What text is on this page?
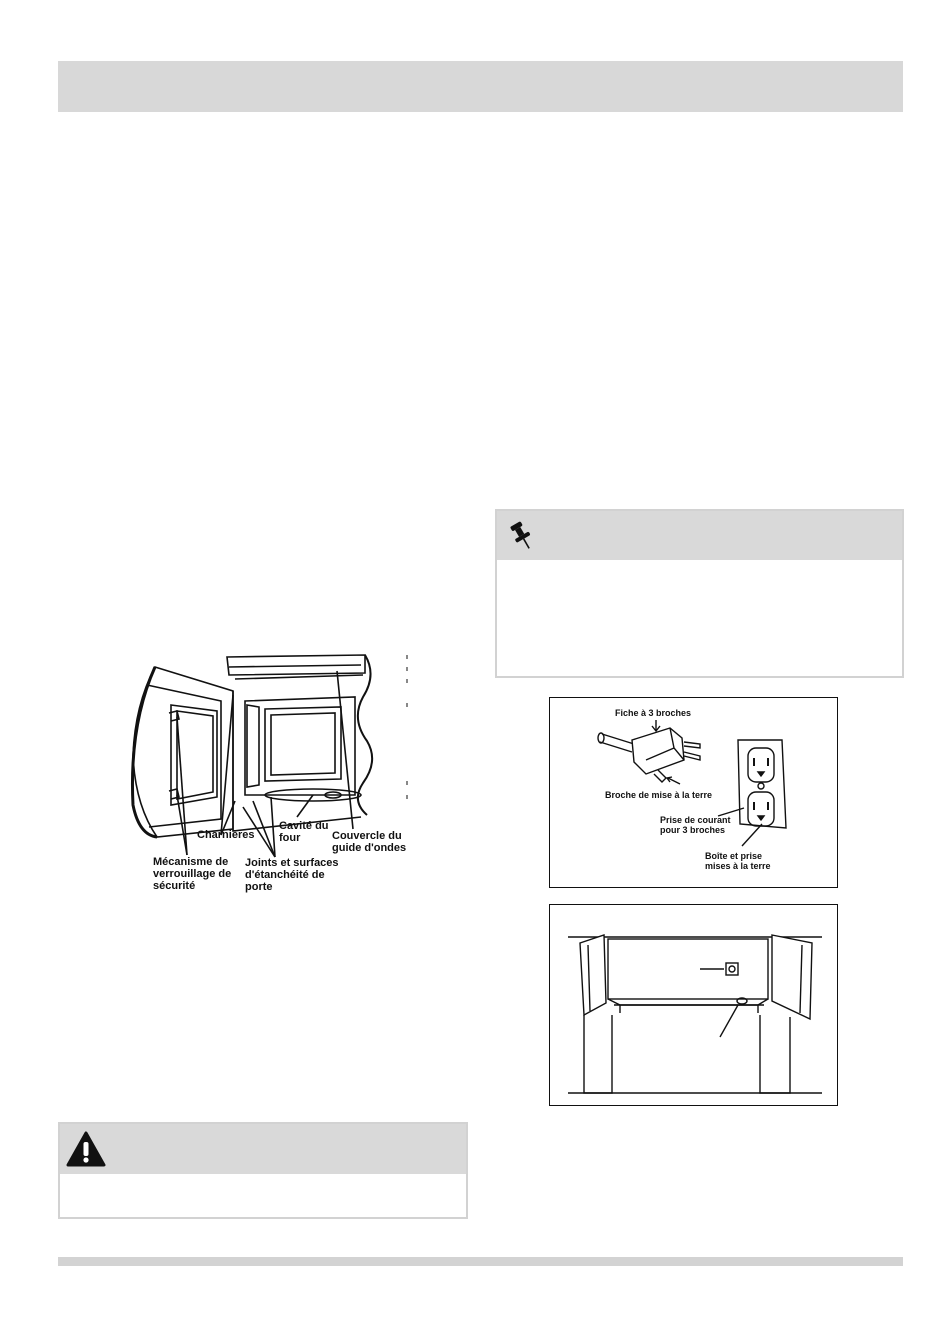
Charnières
Cavité du
four	Couvercle du
guide d'ondes
Mécanisme de
verrouillage de
sécurité
Joints et surfaces
d'étanchéité de
porte
Fiche à 3 broches
Broche de mise à la terre
Prise de courant
pour 3 broches
Boîte et prise
mises à la terre
